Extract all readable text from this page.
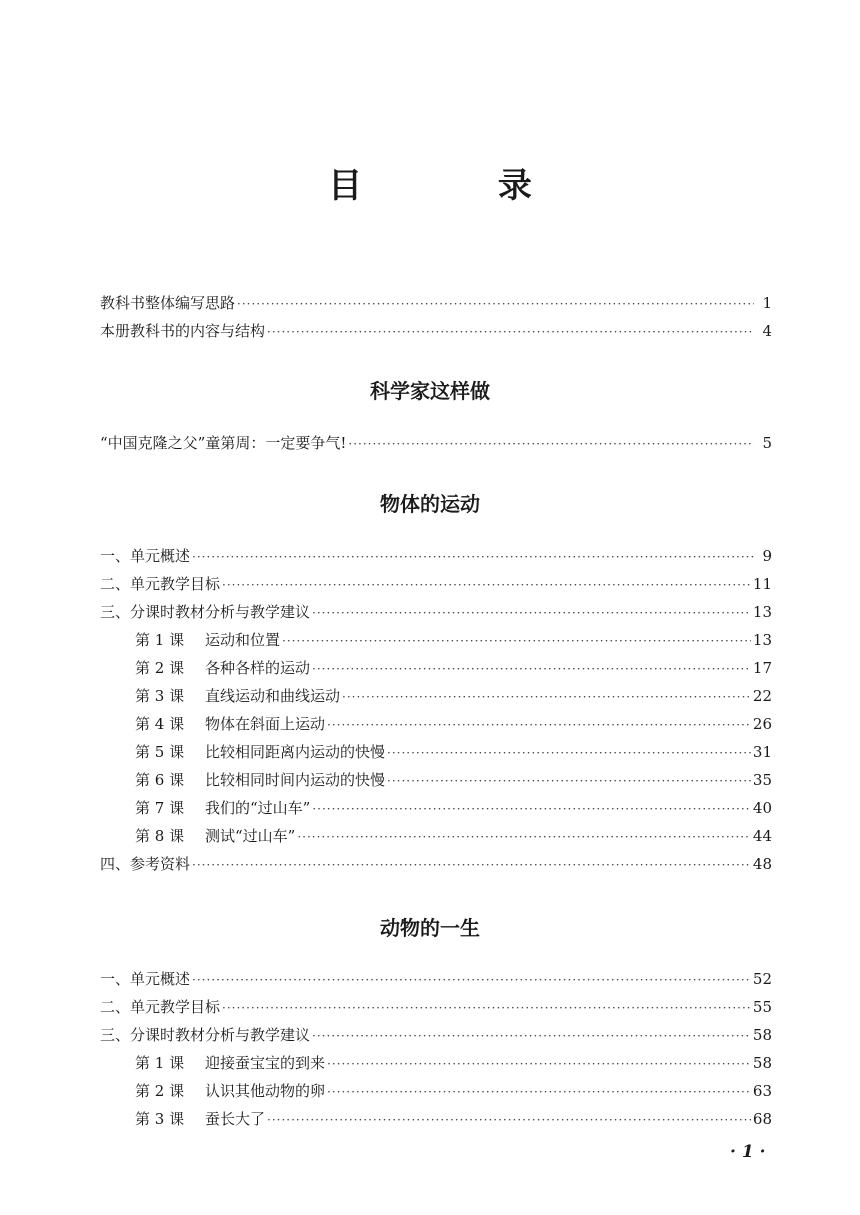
目 录
教科书整体编写思路 ·····	1
本册教科书的内容与结构 ·····	4
科学家这样做
“中国克隆之父”童第周：一定要争气! ·····	5
物体的运动
一、单元概述 ·····	9
二、单元教学目标 ·····	11
三、分课时教材分析与教学建议 ·····	13
第 1 课 运动和位置 ·····	13
第 2 课 各种各样的运动 ·····	17
第 3 课 直线运动和曲线运动 ·····	22
第 4 课 物体在斜面上运动 ·····	26
第 5 课 比较相同距离内运动的快慢 ·····	31
第 6 课 比较相同时间内运动的快慢 ·····	35
第 7 课 我们的“过山车” ·····	40
第 8 课 测试“过山车” ·····	44
四、参考资料 ·····	48
动物的一生
一、单元概述 ·····	52
二、单元教学目标 ·····	55
三、分课时教材分析与教学建议 ·····	58
第 1 课 迎接蚕宝宝的到来 ·····	58
第 2 课 认识其他动物的卵 ·····	63
第 3 课 蚕长大了 ·····	68
· 1 ·
